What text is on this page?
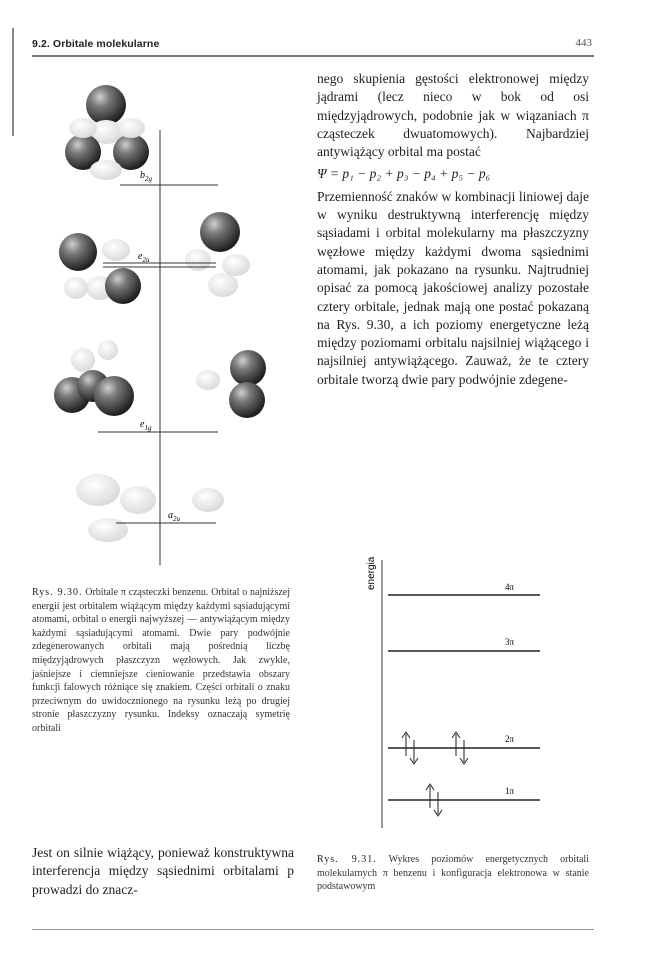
9.2. Orbitale molekularne	443
$b_{2g}$
$e_{2u}$
$e_{1g}$
$a_{2u}$
Rys. 9.30. Orbitale π cząsteczki benzenu. Orbital o najniższej energii jest orbitalem wiążącym między każdymi sąsiadującymi atomami, orbital o energii najwyższej — antywiążącym między każdymi sąsiadującymi atomami. Dwie pary podwójnie zdegenerowanych orbitali mają pośrednią liczbę międzyjądrowych płaszczyzn węzłowych. Jak zwykle, jaśniejsze i ciemniejsze cieniowanie przedstawia obszary funkcji falowych różniące się znakiem. Części orbitali o znaku przeciwnym do uwidocznionego na rysunku leżą po drugiej stronie płaszczyzny rysunku. Indeksy oznaczają symetrię orbitali

nego skupienia gęstości elektronowej między jądrami (lecz nieco w bok od osi międzyjądrowych, podobnie jak w wiązaniach π cząsteczek dwuatomowych). Najbardziej antywiążący orbital ma postać

Ψ = p₁ − p₂ + p₃ − p₄ + p₅ − p₆

Przemienność znaków w kombinacji liniowej daje w wyniku destruktywną interferencję między sąsiadami i orbital molekularny ma płaszczyzny węzłowe między każdymi dwoma sąsiednimi atomami, jak pokazano na rysunku. Najtrudniej opisać za pomocą jakościowej analizy pozostałe cztery orbitale, jednak mają one postać pokazaną na Rys. 9.30, a ich poziomy energetyczne leżą między poziomami orbitalu najsilniej wiążącego i najsilniej antywiążącego. Zauważ, że te cztery orbitale tworzą dwie pary podwójnie zdegene-

energia	4π
3π
2π
1π
Rys. 9.31. Wykres poziomów energetycznych orbitali molekularnych π benzenu i konfiguracja elektronowa w stanie podstawowym

Jest on silnie wiążący, ponieważ konstruktywna interferencja między sąsiednimi orbitalami p prowadzi do znacz-
